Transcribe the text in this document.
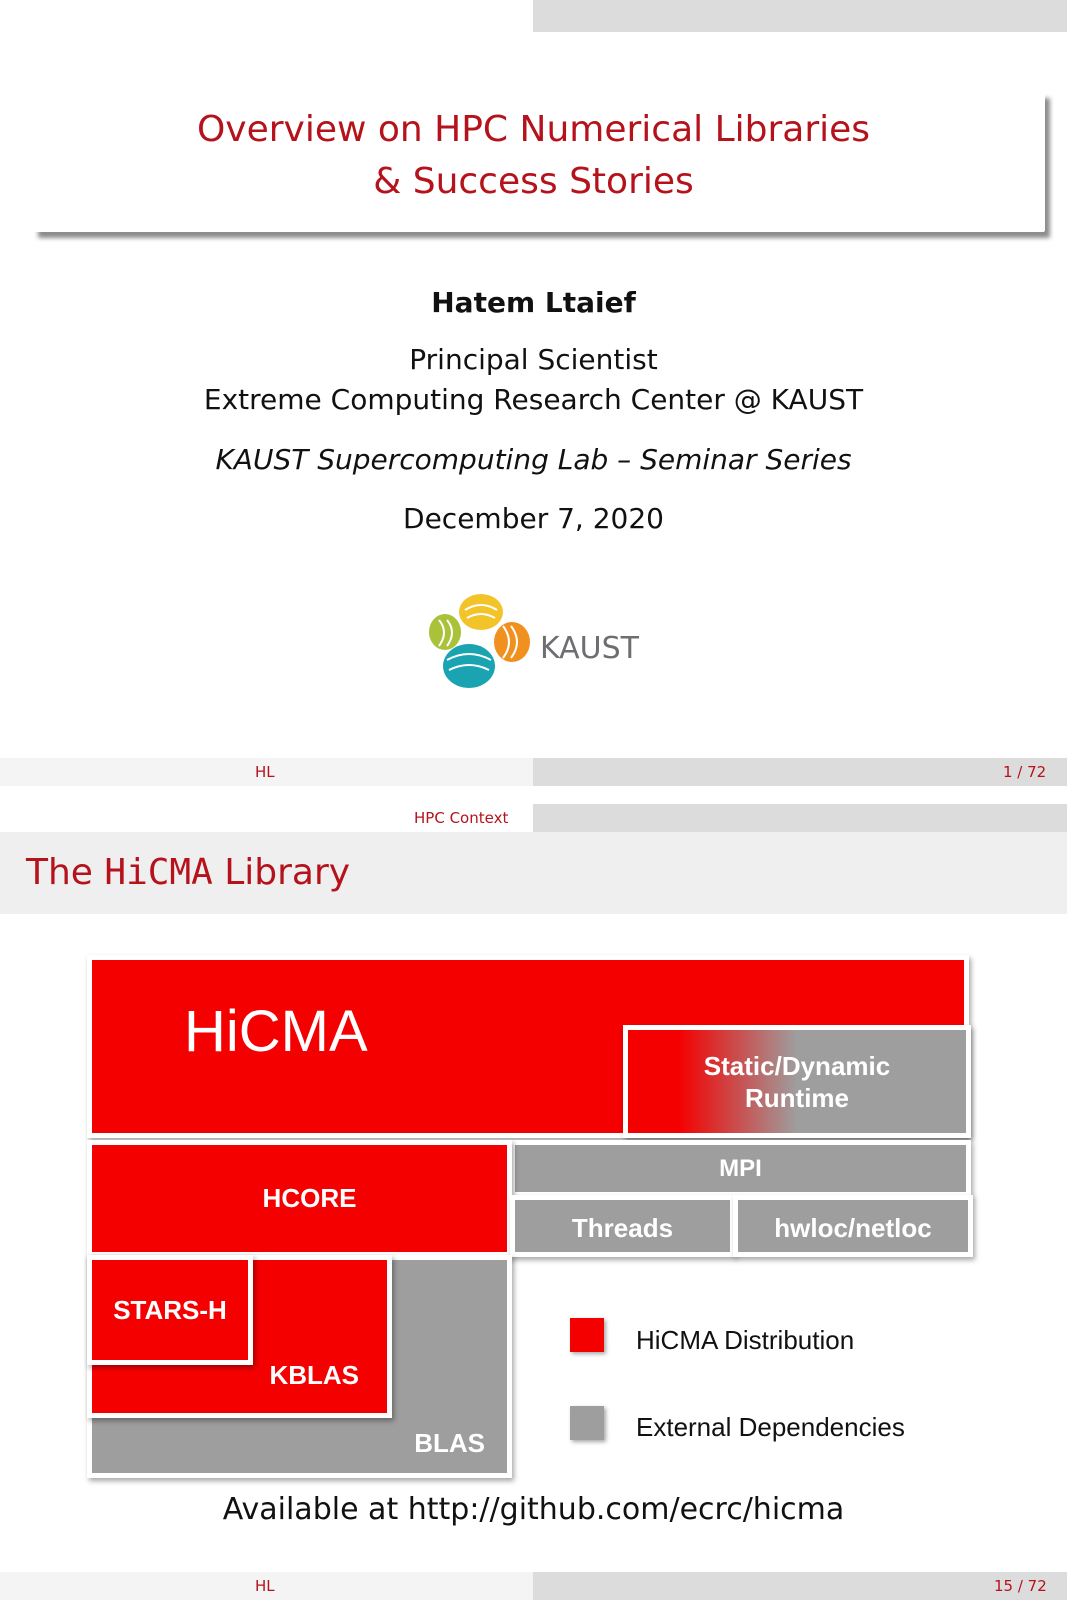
Overview on HPC Numerical Libraries
& Success Stories
Hatem Ltaief
Principal Scientist
Extreme Computing Research Center @ KAUST
KAUST Supercomputing Lab – Seminar Series
December 7, 2020
KAUST
HL	1 / 72
HPC Context
The HiCMA Library
HiCMA
Static/Dynamic
Runtime
MPI
HCORE
Threads	hwloc/netloc
BLAS
KBLAS
STARS-H
HiCMA Distribution
External Dependencies
Available at http://github.com/ecrc/hicma
HL	15 / 72
